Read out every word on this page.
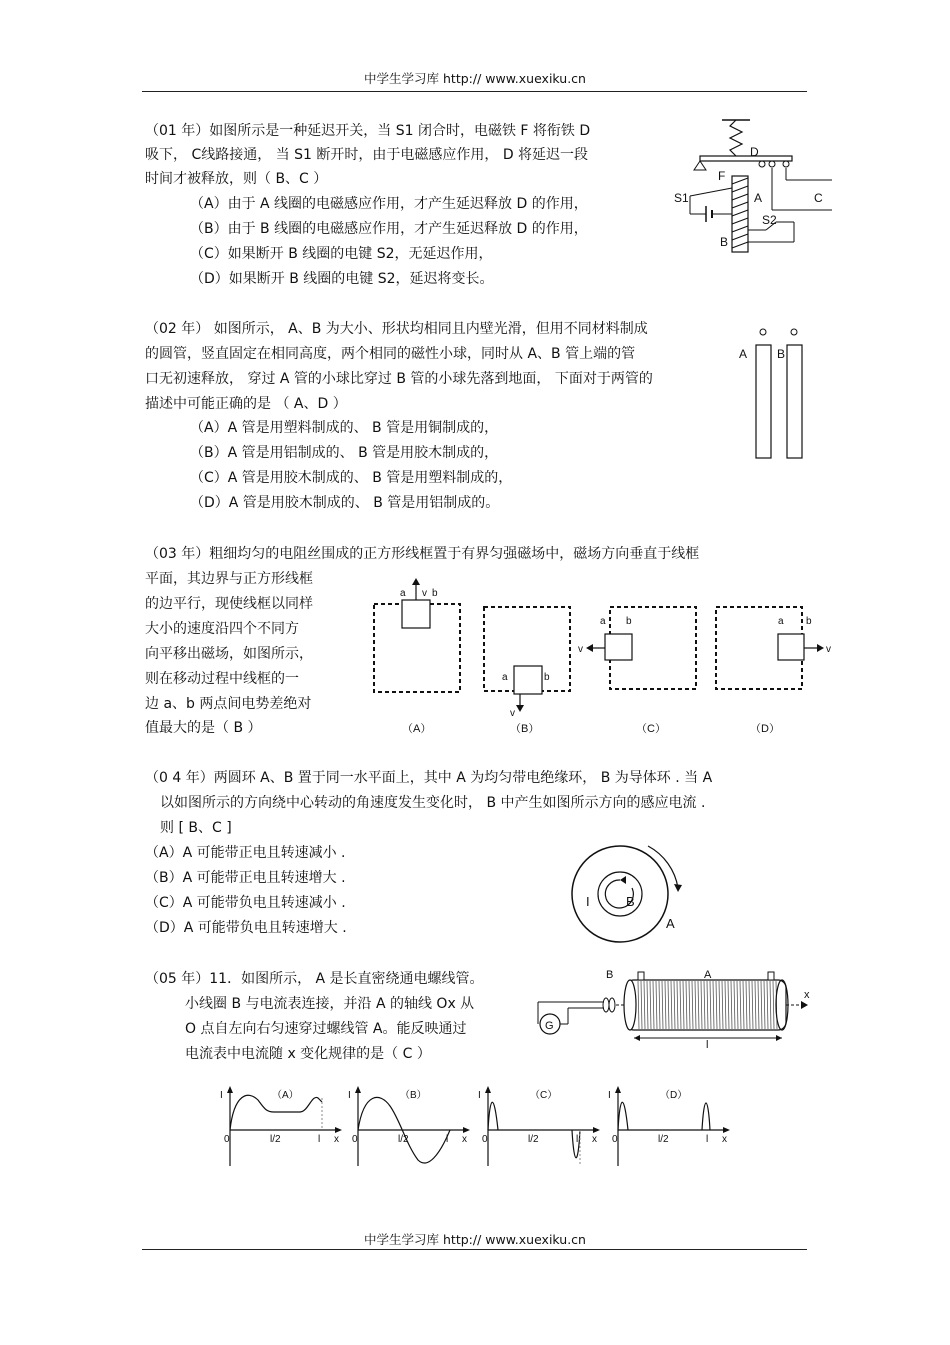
中学生学习库 http:// www.xuexiku.cn
（01 年）如图所示是一种延迟开关，当 S1 闭合时，电磁铁 F 将衔铁 D
吸下， C线路接通， 当 S1 断开时，由于电磁感应作用， D 将延迟一段
时间才被释放，则（ B、C ）
（A）由于 A 线圈的电磁感应作用，才产生延迟释放 D 的作用，
（B）由于 B 线圈的电磁感应作用，才产生延迟释放 D 的作用，
（C）如果断开 B 线圈的电键 S2，无延迟作用，
（D）如果断开 B 线圈的电键 S2，延迟将变长。
D
F
A
B
S1
S2
C
（02 年） 如图所示， A、B 为大小、形状均相同且内壁光滑，但用不同材料制成
的圆管，竖直固定在相同高度，两个相同的磁性小球，同时从 A、B 管上端的管
口无初速释放， 穿过 A 管的小球比穿过 B 管的小球先落到地面， 下面对于两管的
描述中可能正确的是 （ A、D ）
（A）A 管是用塑料制成的、 B 管是用铜制成的，
（B）A 管是用铝制成的、 B 管是用胶木制成的，
（C）A 管是用胶木制成的、 B 管是用塑料制成的，
（D）A 管是用胶木制成的、 B 管是用铝制成的。
A B
（03 年）粗细均匀的电阻丝围成的正方形线框置于有界匀强磁场中，磁场方向垂直于线框
平面，其边界与正方形线框
的边平行，现使线框以同样
大小的速度沿四个不同方
向平移出磁场，如图所示，
则在移动过程中线框的一
边 a、b 两点间电势差绝对
值最大的是（ B ）
a v b
（A）
a	b
v
（B）
a b
v
（C）
a b
v
（D）
（0 4 年）两圆环 A、B 置于同一水平面上，其中 A 为均匀带电绝缘环， B 为导体环 . 当 A
以如图所示的方向绕中心转动的角速度发生变化时， B 中产生如图所示方向的感应电流 .
则 [ B、C ]
（A）A 可能带正电且转速减小 .
（B）A 可能带正电且转速增大 .
（C）A 可能带负电且转速减小 .
（D）A 可能带负电且转速增大 .
I	B
A
（05 年）11．如图所示， A 是长直密绕通电螺线管。
小线圈 B 与电流表连接，并沿 A 的轴线 Ox 从
O 点自左向右匀速穿过螺线管 A。能反映通过
电流表中电流随 x 变化规律的是（ C ）
G
B
x
A
l
I
0	l/2	l x
（A）	I
0	l/2	l x
（B）	I
0	l/2	l x
（C）	I
0	l/2	l x
（D）
中学生学习库 http:// www.xuexiku.cn
